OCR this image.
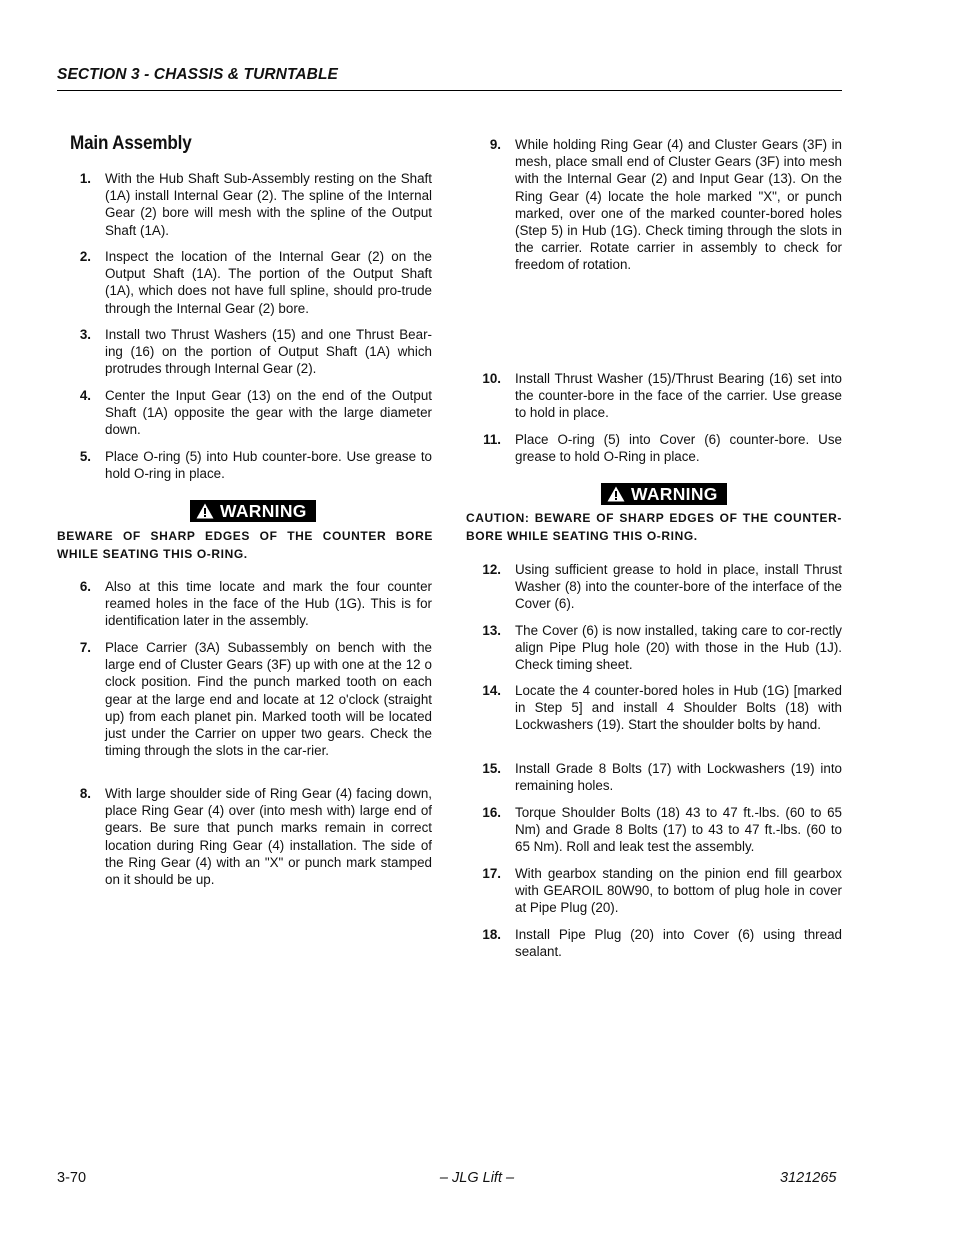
SECTION 3 - CHASSIS & TURNTABLE
Main Assembly
1. With the Hub Shaft Sub-Assembly resting on the Shaft (1A) install Internal Gear (2). The spline of the Internal Gear (2) bore will mesh with the spline of the Output Shaft (1A).
2. Inspect the location of the Internal Gear (2) on the Output Shaft (1A). The portion of the Output Shaft (1A), which does not have full spline, should pro-trude through the Internal Gear (2) bore.
3. Install two Thrust Washers (15) and one Thrust Bear-ing (16) on the portion of Output Shaft (1A) which protrudes through Internal Gear (2).
4. Center the Input Gear (13) on the end of the Output Shaft (1A) opposite the gear with the large diameter down.
5. Place O-ring (5) into Hub counter-bore. Use grease to hold O-ring in place.
WARNING
BEWARE OF SHARP EDGES OF THE COUNTER BORE WHILE SEATING THIS O-RING.
6. Also at this time locate and mark the four counter reamed holes in the face of the Hub (1G). This is for identification later in the assembly.
7. Place Carrier (3A) Subassembly on bench with the large end of Cluster Gears (3F) up with one at the 12 o clock position. Find the punch marked tooth on each gear at the large end and locate at 12 o'clock (straight up) from each planet pin. Marked tooth will be located just under the Carrier on upper two gears. Check the timing through the slots in the car-rier.
8. With large shoulder side of Ring Gear (4) facing down, place Ring Gear (4) over (into mesh with) large end of gears. Be sure that punch marks remain in correct location during Ring Gear (4) installation. The side of the Ring Gear (4) with an "X" or punch mark stamped on it should be up.
9. While holding Ring Gear (4) and Cluster Gears (3F) in mesh, place small end of Cluster Gears (3F) into mesh with the Internal Gear (2) and Input Gear (13). On the Ring Gear (4) locate the hole marked "X", or punch marked, over one of the marked counter-bored holes (Step 5) in Hub (1G). Check timing through the slots in the carrier. Rotate carrier in assembly to check for freedom of rotation.
10. Install Thrust Washer (15)/Thrust Bearing (16) set into the counter-bore in the face of the carrier. Use grease to hold in place.
11. Place O-ring (5) into Cover (6) counter-bore. Use grease to hold O-Ring in place.
WARNING
CAUTION: BEWARE OF SHARP EDGES OF THE COUNTER-BORE WHILE SEATING THIS O-RING.
12. Using sufficient grease to hold in place, install Thrust Washer (8) into the counter-bore of the interface of the Cover (6).
13. The Cover (6) is now installed, taking care to cor-rectly align Pipe Plug hole (20) with those in the Hub (1J). Check timing sheet.
14. Locate the 4 counter-bored holes in Hub (1G) [marked in Step 5] and install 4 Shoulder Bolts (18) with Lockwashers (19). Start the shoulder bolts by hand.
15. Install Grade 8 Bolts (17) with Lockwashers (19) into remaining holes.
16. Torque Shoulder Bolts (18) 43 to 47 ft.-lbs. (60 to 65 Nm) and Grade 8 Bolts (17) to 43 to 47 ft.-lbs. (60 to 65 Nm). Roll and leak test the assembly.
17. With gearbox standing on the pinion end fill gearbox with GEAROIL 80W90, to bottom of plug hole in cover at Pipe Plug (20).
18. Install Pipe Plug (20) into Cover (6) using thread sealant.
3-70	– JLG Lift –	3121265
